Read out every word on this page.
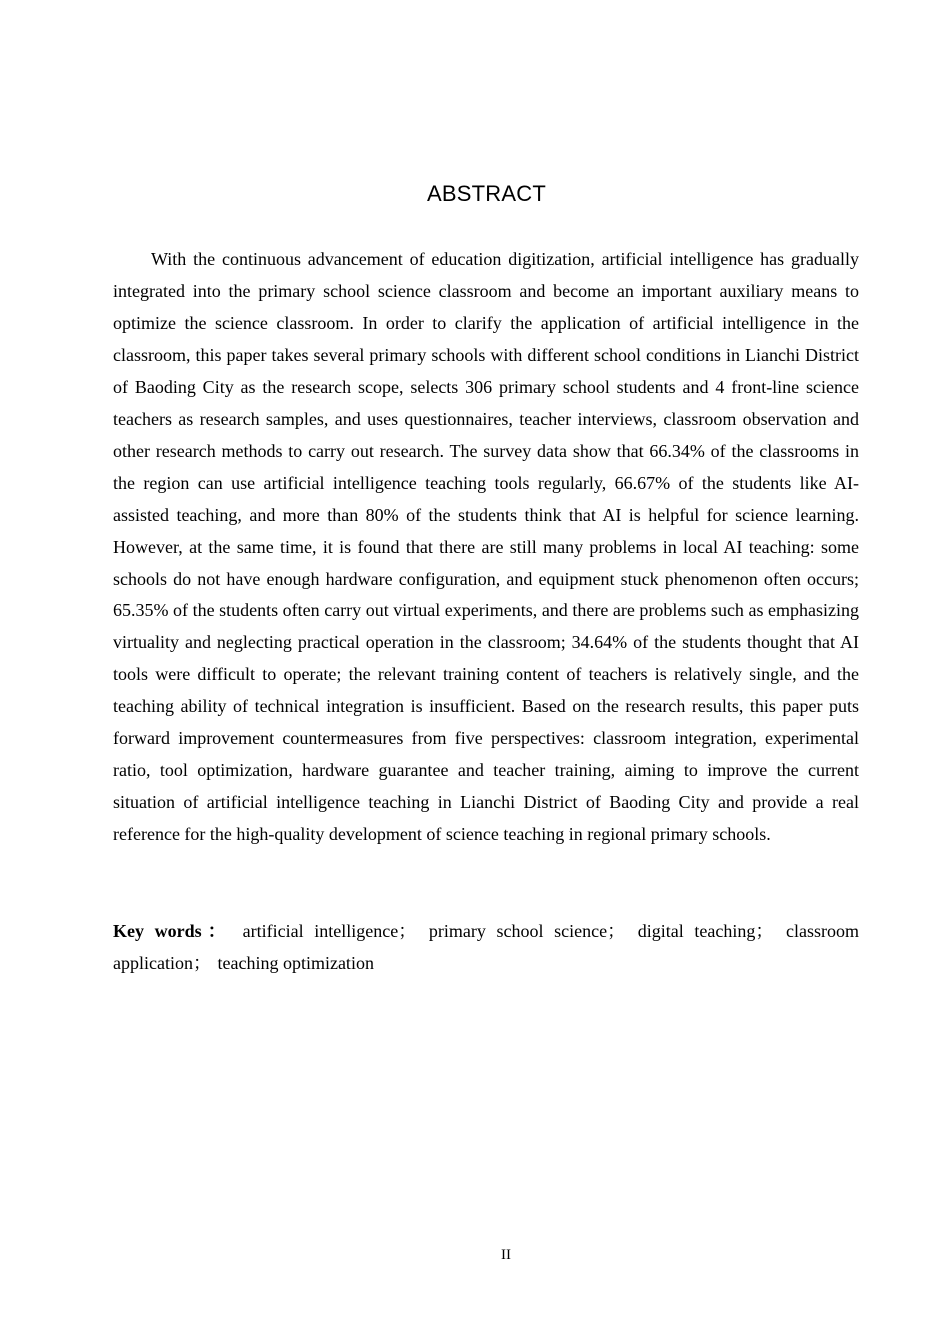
ABSTRACT

With the continuous advancement of education digitization, artificial intelligence has gradually integrated into the primary school science classroom and become an important auxiliary means to optimize the science classroom. In order to clarify the application of artificial intelligence in the classroom, this paper takes several primary schools with different school conditions in Lianchi District of Baoding City as the research scope, selects 306 primary school students and 4 front-line science teachers as research samples, and uses questionnaires, teacher interviews, classroom observation and other research methods to carry out research. The survey data show that 66.34% of the classrooms in the region can use artificial intelligence teaching tools regularly, 66.67% of the students like AI-assisted teaching, and more than 80% of the students think that AI is helpful for science learning. However, at the same time, it is found that there are still many problems in local AI teaching: some schools do not have enough hardware configuration, and equipment stuck phenomenon often occurs; 65.35% of the students often carry out virtual experiments, and there are problems such as emphasizing virtuality and neglecting practical operation in the classroom; 34.64% of the students thought that AI tools were difficult to operate; the relevant training content of teachers is relatively single, and the teaching ability of technical integration is insufficient. Based on the research results, this paper puts forward improvement countermeasures from five perspectives: classroom integration, experimental ratio, tool optimization, hardware guarantee and teacher training, aiming to improve the current situation of artificial intelligence teaching in Lianchi District of Baoding City and provide a real reference for the high-quality development of science teaching in regional primary schools.

Key words： artificial intelligence； primary school science； digital teaching； classroom application； teaching optimization

II
